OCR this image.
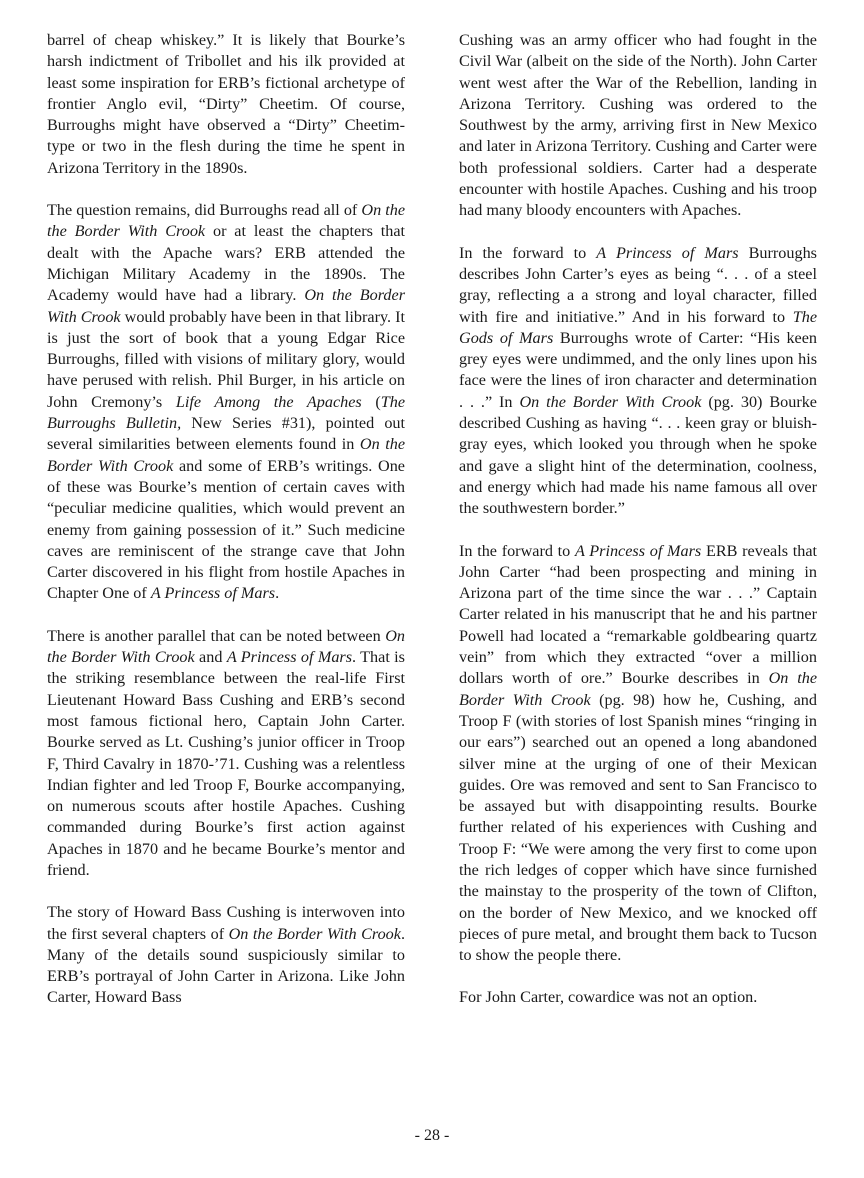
barrel of cheap whiskey.” It is likely that Bourke’s harsh indictment of Tribollet and his ilk provided at least some inspiration for ERB’s fictional archetype of frontier Anglo evil, “Dirty” Cheetim. Of course, Burroughs might have observed a “Dirty” Cheetim-type or two in the flesh during the time he spent in Arizona Territory in the 1890s.

The question remains, did Burroughs read all of On the the Border With Crook or at least the chapters that dealt with the Apache wars? ERB attended the Michigan Military Academy in the 1890s. The Academy would have had a library. On the Border With Crook would probably have been in that library. It is just the sort of book that a young Edgar Rice Burroughs, filled with visions of military glory, would have perused with relish. Phil Burger, in his article on John Cremony’s Life Among the Apaches (The Burroughs Bulletin, New Series #31), pointed out several similarities between elements found in On the Border With Crook and some of ERB’s writings. One of these was Bourke’s mention of certain caves with “peculiar medicine qualities, which would prevent an enemy from gaining possession of it.” Such medicine caves are reminiscent of the strange cave that John Carter discovered in his flight from hostile Apaches in Chapter One of A Princess of Mars.

There is another parallel that can be noted between On the Border With Crook and A Princess of Mars. That is the striking resemblance between the real-life First Lieutenant Howard Bass Cushing and ERB’s second most famous fictional hero, Captain John Carter. Bourke served as Lt. Cushing’s junior officer in Troop F, Third Cavalry in 1870-’71. Cushing was a relentless Indian fighter and led Troop F, Bourke accompanying, on numerous scouts after hostile Apaches. Cushing commanded during Bourke’s first action against Apaches in 1870 and he became Bourke’s mentor and friend.

The story of Howard Bass Cushing is interwoven into the first several chapters of On the Border With Crook. Many of the details sound suspiciously similar to ERB’s portrayal of John Carter in Arizona. Like John Carter, Howard Bass

Cushing was an army officer who had fought in the Civil War (albeit on the side of the North). John Carter went west after the War of the Rebellion, landing in Arizona Territory. Cushing was ordered to the Southwest by the army, arriving first in New Mexico and later in Arizona Territory. Cushing and Carter were both professional soldiers. Carter had a desperate encounter with hostile Apaches. Cushing and his troop had many bloody encounters with Apaches.

In the forward to A Princess of Mars Burroughs describes John Carter’s eyes as being “. . . of a steel gray, reflecting a a strong and loyal character, filled with fire and initiative.” And in his forward to The Gods of Mars Burroughs wrote of Carter: “His keen grey eyes were undimmed, and the only lines upon his face were the lines of iron character and determination . . .” In On the Border With Crook (pg. 30) Bourke described Cushing as having “. . . keen gray or bluish-gray eyes, which looked you through when he spoke and gave a slight hint of the determination, coolness, and energy which had made his name famous all over the southwestern border.”

In the forward to A Princess of Mars ERB reveals that John Carter “had been prospecting and mining in Arizona part of the time since the war . . .” Captain Carter related in his manuscript that he and his partner Powell had located a “remarkable goldbearing quartz vein” from which they extracted “over a million dollars worth of ore.” Bourke describes in On the Border With Crook (pg. 98) how he, Cushing, and Troop F (with stories of lost Spanish mines “ringing in our ears”) searched out an opened a long abandoned silver mine at the urging of one of their Mexican guides. Ore was removed and sent to San Francisco to be assayed but with disappointing results. Bourke further related of his experiences with Cushing and Troop F: “We were among the very first to come upon the rich ledges of copper which have since furnished the mainstay to the prosperity of the town of Clifton, on the border of New Mexico, and we knocked off pieces of pure metal, and brought them back to Tucson to show the people there.

For John Carter, cowardice was not an option.

- 28 -
